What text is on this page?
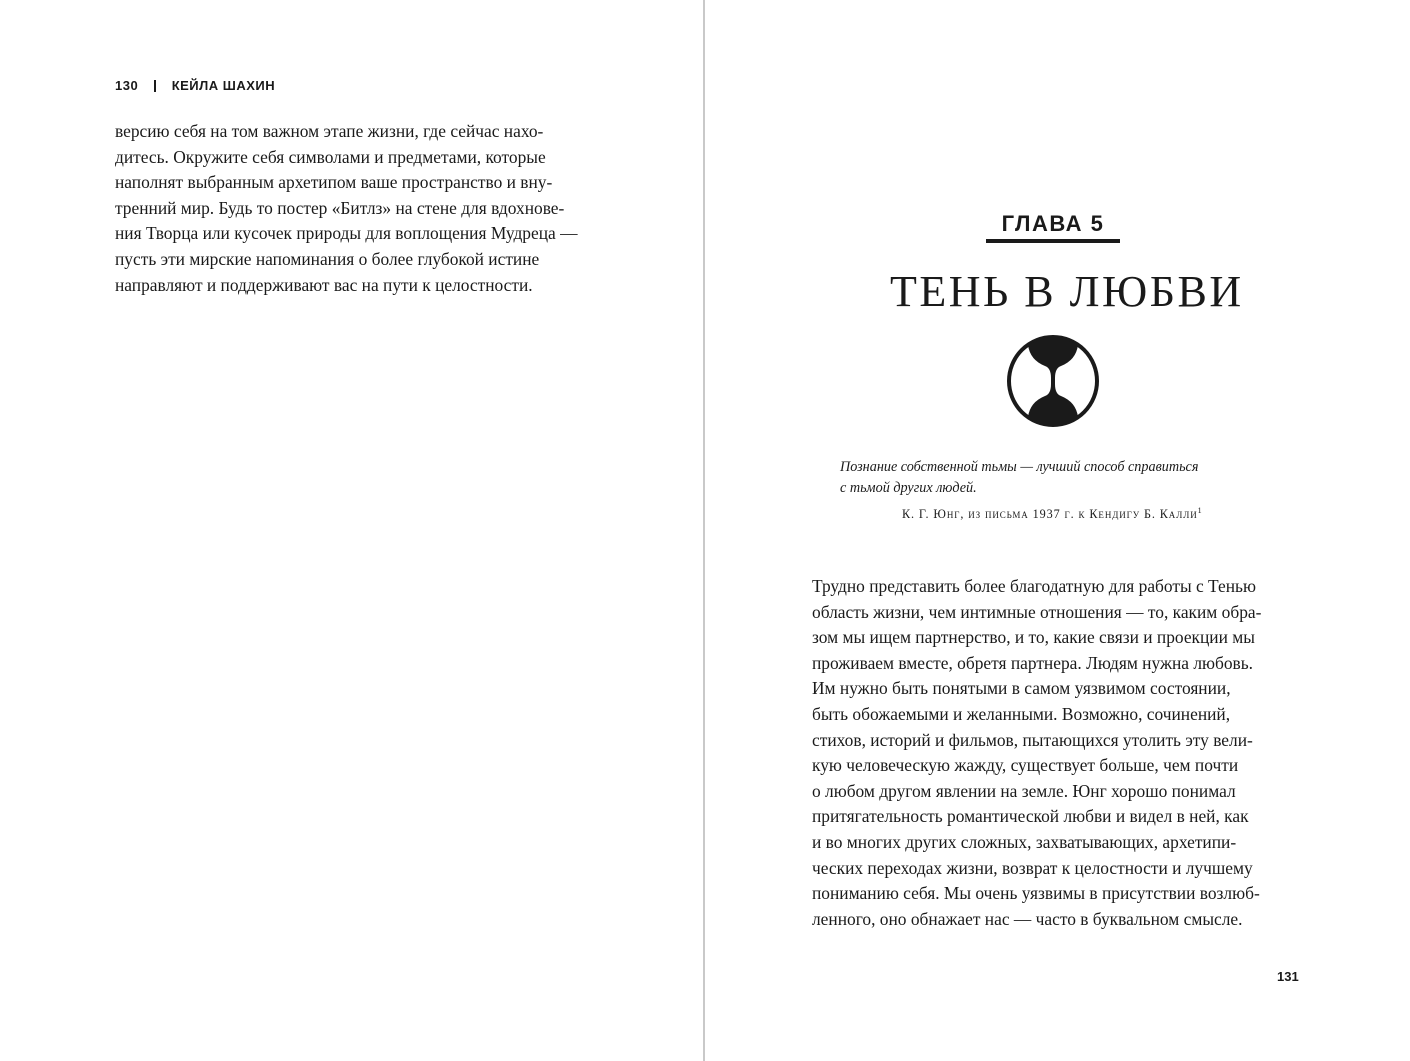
130	КЕЙЛА ШАХИН
версию себя на том важном этапе жизни, где сейчас нахо-
дитесь. Окружите себя символами и предметами, которые
наполнят выбранным архетипом ваше пространство и вну-
тренний мир. Будь то постер «Битлз» на стене для вдохнове-
ния Творца или кусочек природы для воплощения Мудреца —
пусть эти мирские напоминания о более глубокой истине
направляют и поддерживают вас на пути к целостности.
ГЛАВА 5
ТЕНЬ В ЛЮБВИ
Познание собственной тьмы — лучший способ справиться
с тьмой других людей.
К. Г. Юнг, из письма 1937 г. к Кендигу Б. Калли$^1$
Трудно представить более благодатную для работы с Тенью
область жизни, чем интимные отношения — то, каким обра-
зом мы ищем партнерство, и то, какие связи и проекции мы
проживаем вместе, обретя партнера. Людям нужна любовь.
Им нужно быть понятыми в самом уязвимом состоянии,
быть обожаемыми и желанными. Возможно, сочинений,
стихов, историй и фильмов, пытающихся утолить эту вели-
кую человеческую жажду, существует больше, чем почти
о любом другом явлении на земле. Юнг хорошо понимал
притягательность романтической любви и видел в ней, как
и во многих других сложных, захватывающих, архетипи-
ческих переходах жизни, возврат к целостности и лучшему
пониманию себя. Мы очень уязвимы в присутствии возлюб-
ленного, оно обнажает нас — часто в буквальном смысле.
131
